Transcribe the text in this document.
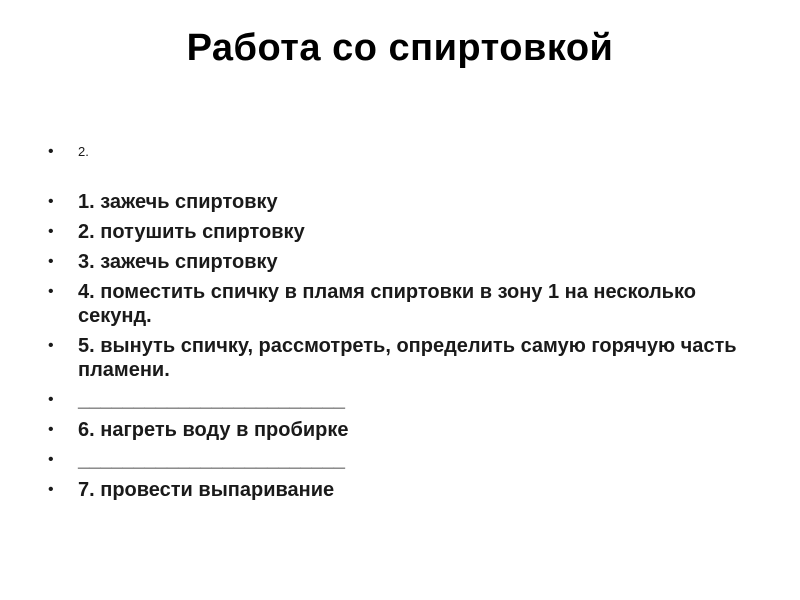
Работа со спиртовкой
• 2.
• 1. зажечь спиртовку
• 2. потушить спиртовку
• 3. зажечь спиртовку
• 4. поместить спичку в пламя спиртовки в зону 1 на несколько секунд.
• 5. вынуть спичку, рассмотреть, определить самую горячую часть пламени.
• ________________________
• 6. нагреть воду в пробирке
• ________________________
• 7. провести выпаривание
